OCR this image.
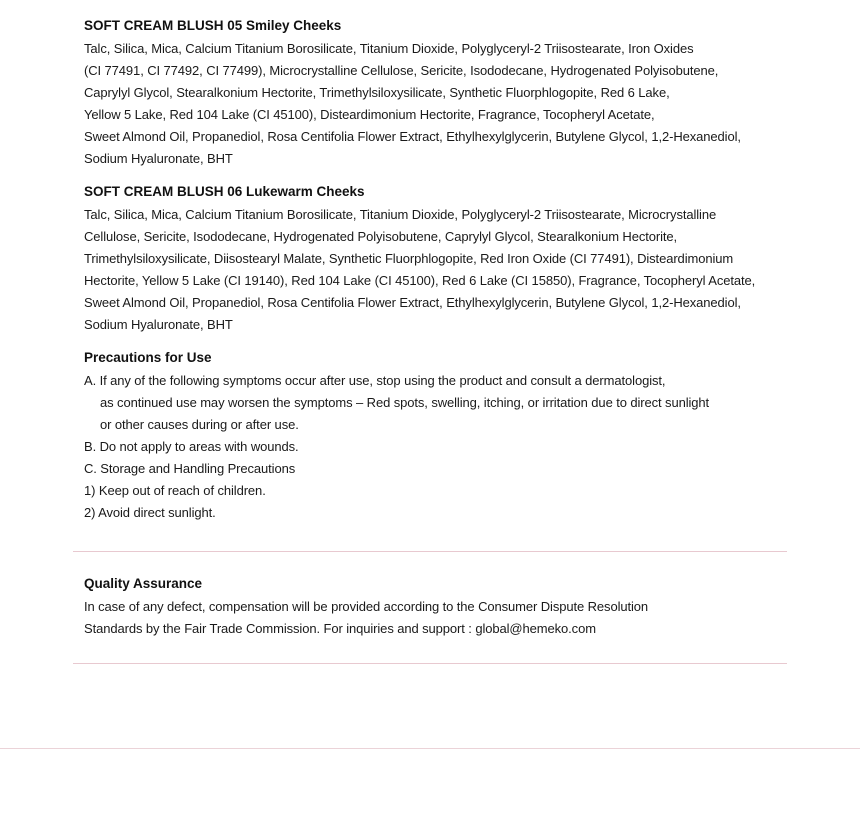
SOFT CREAM BLUSH 05 Smiley Cheeks

Talc, Silica, Mica, Calcium Titanium Borosilicate, Titanium Dioxide, Polyglyceryl-2 Triisostearate, Iron Oxides
(CI 77491, CI 77492, CI 77499), Microcrystalline Cellulose, Sericite, Isododecane, Hydrogenated Polyisobutene,
Caprylyl Glycol, Stearalkonium Hectorite, Trimethylsiloxysilicate, Synthetic Fluorphlogopite, Red 6 Lake,
Yellow 5 Lake, Red 104 Lake (CI 45100), Disteardimonium Hectorite, Fragrance, Tocopheryl Acetate,
Sweet Almond Oil, Propanediol, Rosa Centifolia Flower Extract, Ethylhexylglycerin, Butylene Glycol, 1,2-Hexanediol,
Sodium Hyaluronate, BHT

SOFT CREAM BLUSH 06 Lukewarm Cheeks

Talc, Silica, Mica, Calcium Titanium Borosilicate, Titanium Dioxide, Polyglyceryl-2 Triisostearate, Microcrystalline
Cellulose, Sericite, Isododecane, Hydrogenated Polyisobutene, Caprylyl Glycol, Stearalkonium Hectorite,
Trimethylsiloxysilicate, Diisostearyl Malate, Synthetic Fluorphlogopite, Red Iron Oxide (CI 77491), Disteardimonium
Hectorite, Yellow 5 Lake (CI 19140), Red 104 Lake (CI 45100), Red 6 Lake (CI 15850), Fragrance, Tocopheryl Acetate,
Sweet Almond Oil, Propanediol, Rosa Centifolia Flower Extract, Ethylhexylglycerin, Butylene Glycol, 1,2-Hexanediol,
Sodium Hyaluronate, BHT

Precautions for Use

A. If any of the following symptoms occur after use, stop using the product and consult a dermatologist,
as continued use may worsen the symptoms – Red spots, swelling, itching, or irritation due to direct sunlight
or other causes during or after use.
B. Do not apply to areas with wounds.
C. Storage and Handling Precautions
1) Keep out of reach of children.
2) Avoid direct sunlight.

Quality Assurance

In case of any defect, compensation will be provided according to the Consumer Dispute Resolution
Standards by the Fair Trade Commission. For inquiries and support : global@hemeko.com
